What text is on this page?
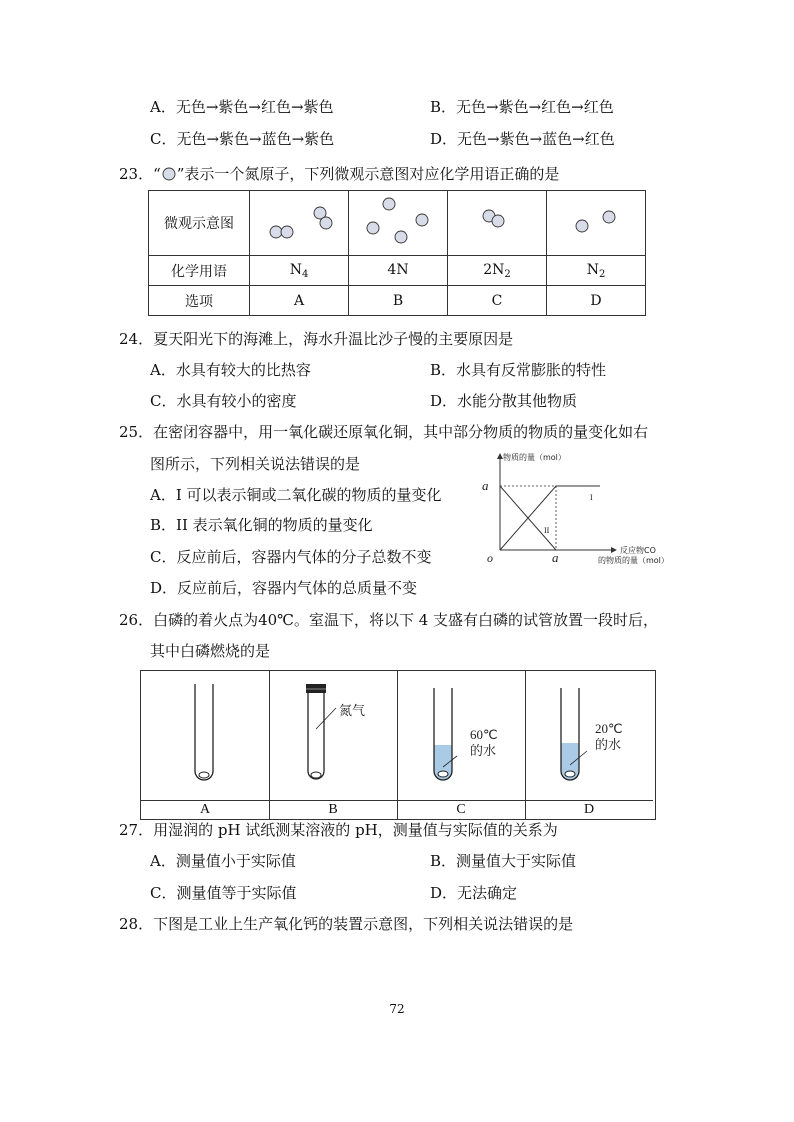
A．无色→紫色→红色→紫色	B．无色→紫色→红色→红色
C．无色→紫色→蓝色→紫色	D．无色→紫色→蓝色→红色
23．“ ”表示一个氮原子，下列微观示意图对应化学用语正确的是
微观示意图				
化学用语	$N_4$	4N	$2N_2$	$N_2$
选项	A	B	C	D
24．夏天阳光下的海滩上，海水升温比沙子慢的主要原因是
A．水具有较大的比热容	B．水具有反常膨胀的特性
C．水具有较小的密度	D．水能分散其他物质
25．在密闭容器中，用一氧化碳还原氧化铜，其中部分物质的物质的量变化如右
图所示，下列相关说法错误的是
A．I 可以表示铜或二氧化碳的物质的量变化
B．II 表示氧化铜的物质的量变化
C．反应前后，容器内气体的分子总数不变
D．反应前后，容器内气体的总质量不变
物质的量（mol）
a
o	a
I
II
反应物CO
的物质的量（mol）
26．白磷的着火点为40℃。室温下，将以下 4 支盛有白磷的试管放置一段时后，
其中白磷燃烧的是
A
氮气
B
60℃
的水
C
20℃
的水
D
27．用湿润的 pH 试纸测某溶液的 pH，测量值与实际值的关系为
A．测量值小于实际值	B．测量值大于实际值
C．测量值等于实际值	D．无法确定
28．下图是工业上生产氧化钙的装置示意图，下列相关说法错误的是
72
